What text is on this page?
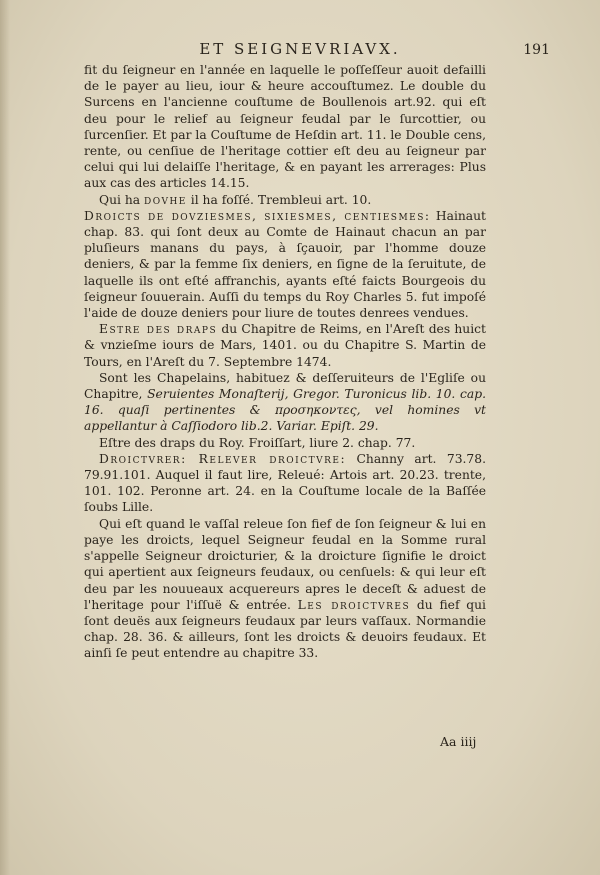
ET SEIGNEVRIAVX.	191

fit du ſeigneur en l'année en laquelle le poſſeſſeur auoit defailli de le payer au lieu, iour & heure accouſtumez. Le double du Surcens en l'ancienne couſtume de Boullenois art.92. qui eſt deu pour le relief au ſeigneur feudal par le ſurcottier, ou ſurcenſier. Et par la Couſtume de Heſdin art. 11. le Double cens, rente, ou cenſiue de l'heritage cottier eſt deu au ſeigneur par celui qui lui delaiſſe l'heritage, & en payant les arrerages: Plus aux cas des articles 14.15.

Qui ha dovhe il ha foſſé. Trembleui art. 10.

Droicts de dovziesmes, sixiesmes, centiesmes: Hainaut chap. 83. qui ſont deux au Comte de Hainaut chacun an par pluſieurs manans du pays, à ſçauoir, par l'homme douze deniers, & par la femme ſix deniers, en ſigne de la ſeruitute, de laquelle ils ont eſté affranchis, ayants eſté faicts Bourgeois du ſeigneur ſouuerain. Auſſi du temps du Roy Charles 5. fut impoſé l'aide de douze deniers pour liure de toutes denrees vendues.

Estre des draps du Chapitre de Reims, en l'Areſt des huict & vnzieſme iours de Mars, 1401. ou du Chapitre S. Martin de Tours, en l'Areſt du 7. Septembre 1474.

Sont les Chapelains, habituez & deſſeruiteurs de l'Egliſe ou Chapitre, Seruientes Monaſterij, Gregor. Turonicus lib. 10. cap. 16. quaſi pertinentes & προσηκοντες, vel homines vt appellantur à Caſſiodoro lib.2. Variar. Epiſt. 29.

Eſtre des draps du Roy. Froiſſart, liure 2. chap. 77.

Droictvrer: Relever droictvre: Channy art. 73.78. 79.91.101. Auquel il faut lire, Releué: Artois art. 20.23. trente, 101. 102. Peronne art. 24. en la Couſtume locale de la Baſſée ſoubs Lille.

Qui eſt quand le vaſſal releue ſon fief de ſon ſeigneur & lui en paye les droicts, lequel Seigneur feudal en la Somme rural s'appelle Seigneur droicturier, & la droicture ſignifie le droict qui apertient aux ſeigneurs feudaux, ou cenſuels: & qui leur eſt deu par les nouueaux acquereurs apres le deceſt & aduest de l'heritage pour l'iſſuë & entrée. Les droictvres du fief qui ſont deuës aux ſeigneurs feudaux par leurs vaſſaux. Normandie chap. 28. 36. & ailleurs, ſont les droicts & deuoirs feudaux. Et ainſi ſe peut entendre au chapitre 33.

Aa iiij
